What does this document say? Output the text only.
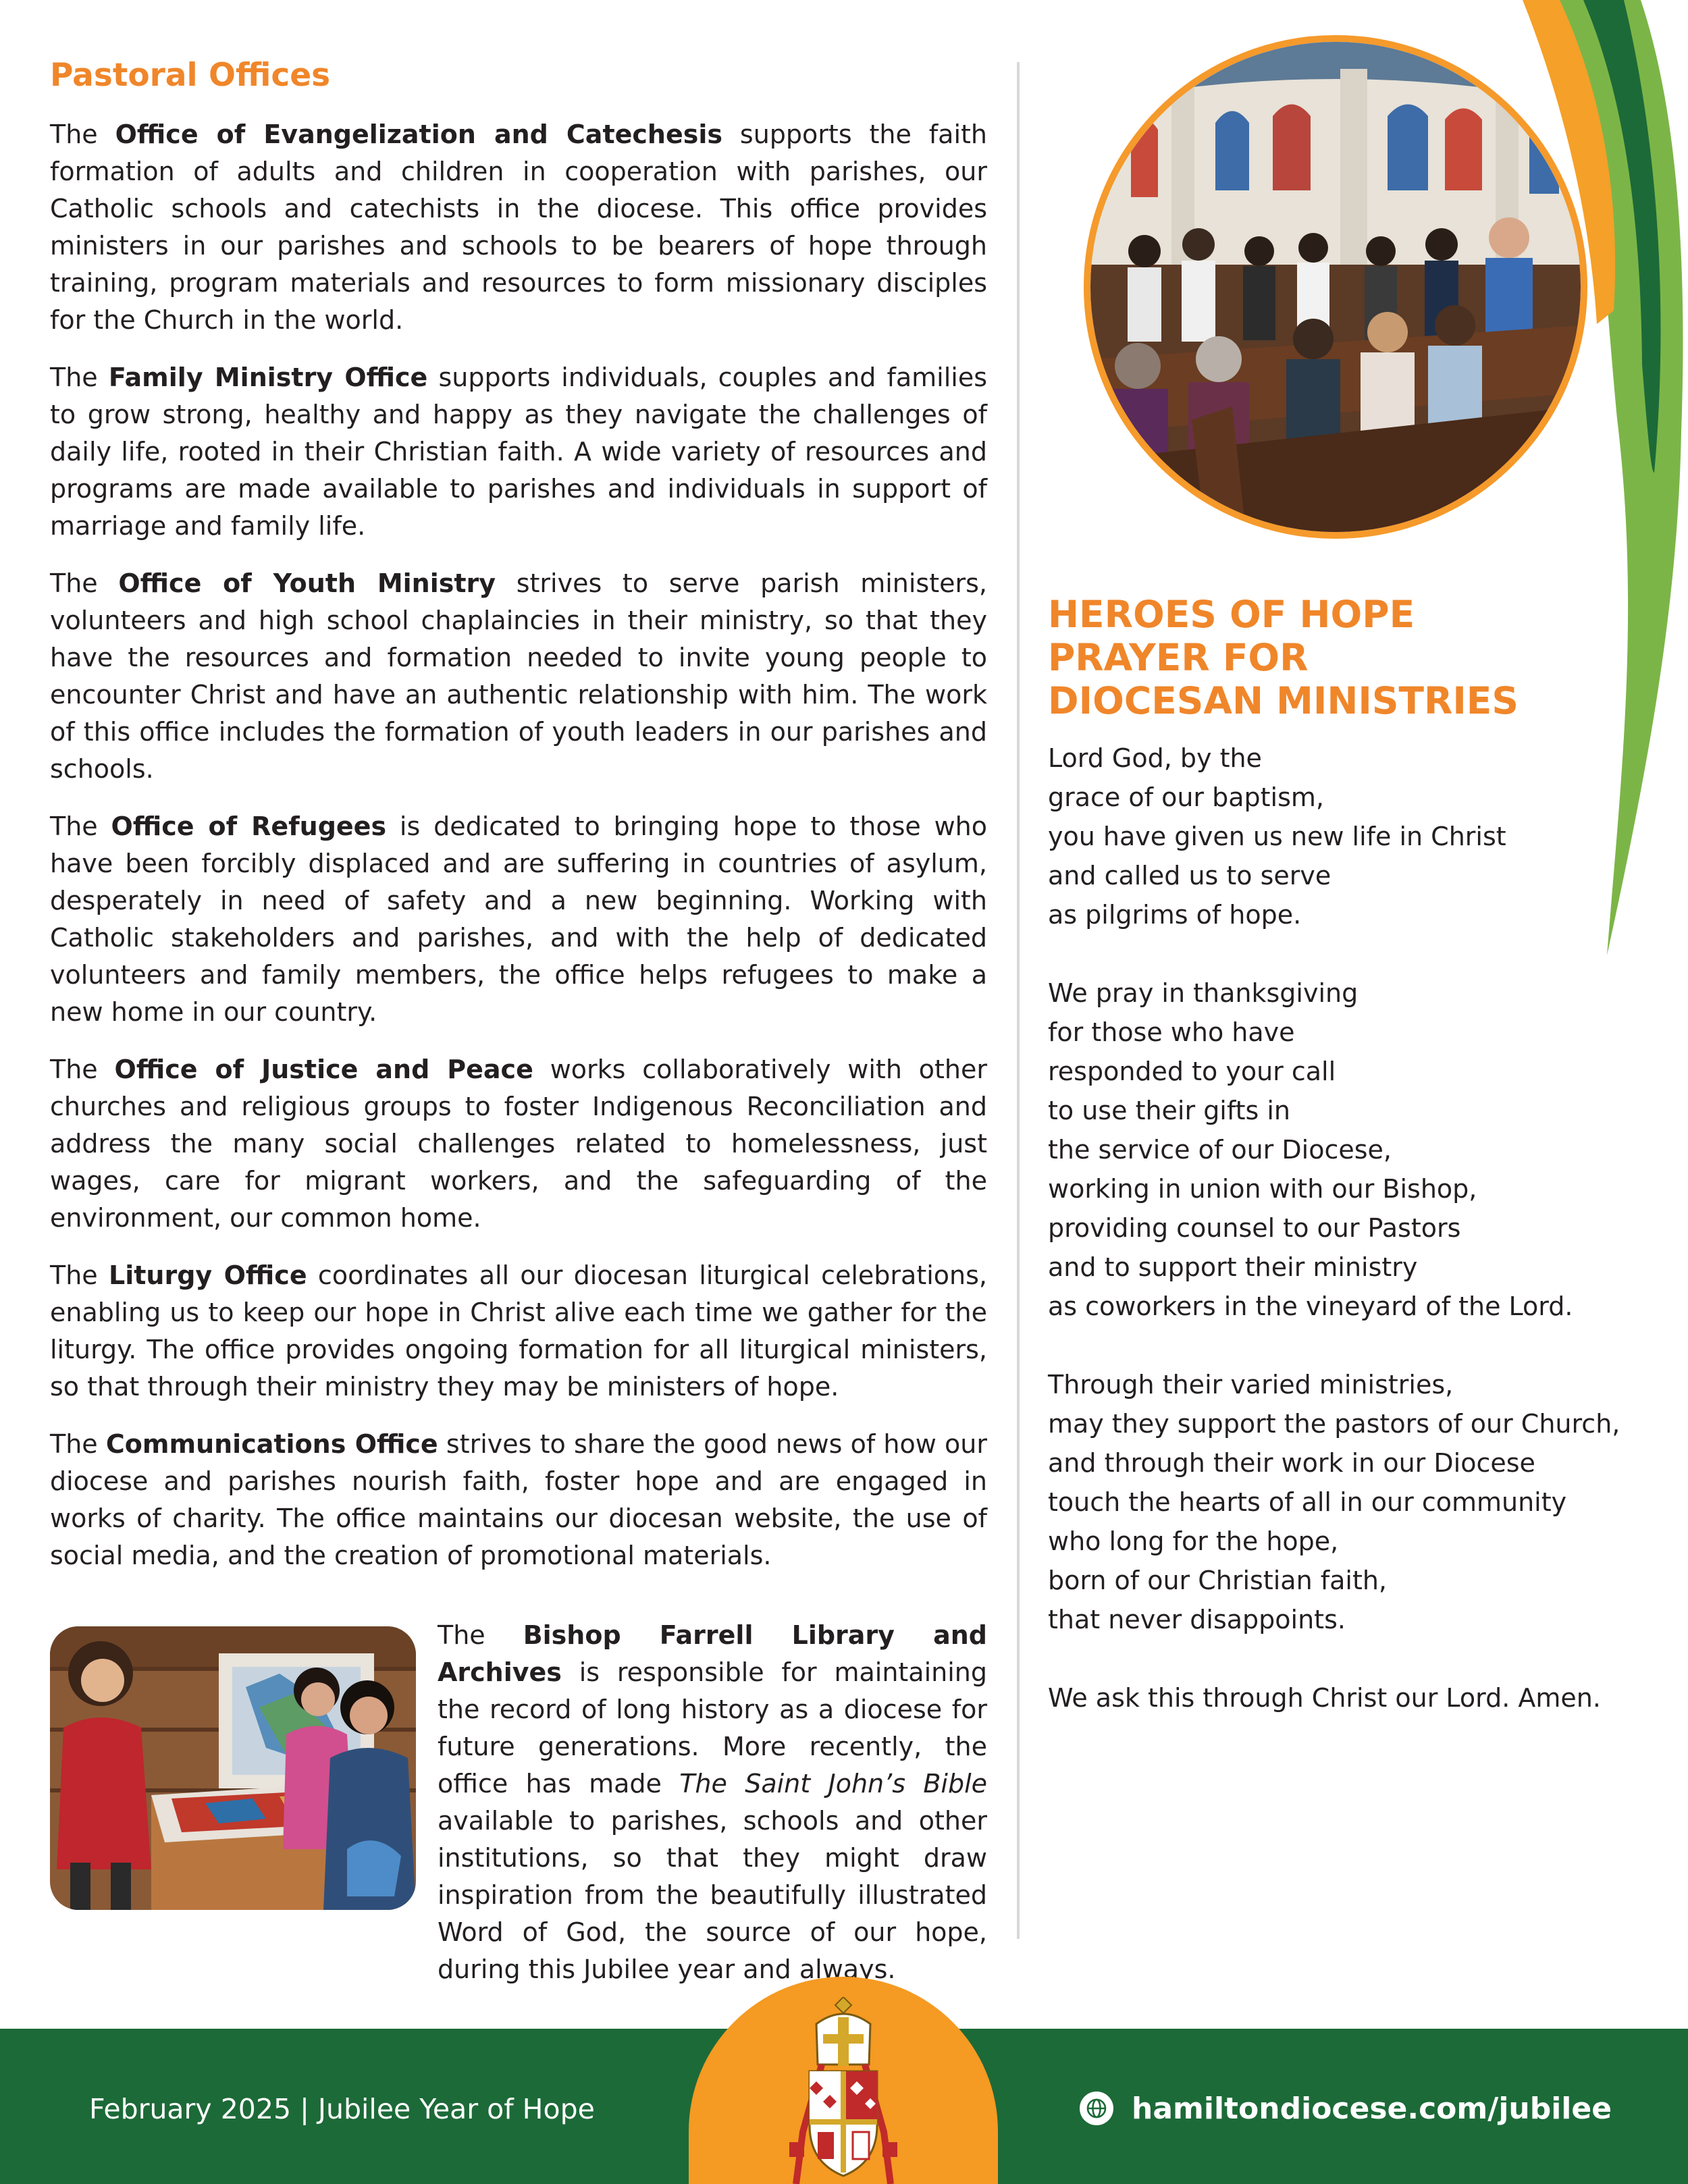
Pastoral Offices

The Office of Evangelization and Catechesis supports the faith formation of adults and children in cooperation with parishes, our Catholic schools and catechists in the diocese. This office provides ministers in our parishes and schools to be bearers of hope through training, program materials and resources to form missionary disciples for the Church in the world.

The Family Ministry Office supports individuals, couples and families to grow strong, healthy and happy as they navigate the challenges of daily life, rooted in their Christian faith. A wide variety of resources and programs are made available to parishes and individuals in support of marriage and family life.

The Office of Youth Ministry strives to serve parish ministers, volunteers and high school chaplaincies in their ministry, so that they have the resources and formation needed to invite young people to encounter Christ and have an authentic relationship with him. The work of this office includes the formation of youth leaders in our parishes and schools.

The Office of Refugees is dedicated to bringing hope to those who have been forcibly displaced and are suffering in countries of asylum, desperately in need of safety and a new beginning. Working with Catholic stakeholders and parishes, and with the help of dedicated volunteers and family members, the office helps refugees to make a new home in our country.

The Office of Justice and Peace works collaboratively with other churches and religious groups to foster Indigenous Reconciliation and address the many social challenges related to homelessness, just wages, care for migrant workers, and the safeguarding of the environment, our common home.

The Liturgy Office coordinates all our diocesan liturgical celebrations, enabling us to keep our hope in Christ alive each time we gather for the liturgy. The office provides ongoing formation for all liturgical ministers, so that through their ministry they may be ministers of hope.

The Communications Office strives to share the good news of how our diocese and parishes nourish faith, foster hope and are engaged in works of charity. The office maintains our diocesan website, the use of social media, and the creation of promotional materials.

The Bishop Farrell Library and Archives is responsible for maintaining the record of long history as a diocese for future generations. More recently, the office has made The Saint John’s Bible available to parishes, schools and other institutions, so that they might draw inspiration from the beautifully illustrated Word of God, the source of our hope, during this Jubilee year and always.

HEROES OF HOPE
PRAYER FOR
DIOCESAN MINISTRIES

Lord God, by the
grace of our baptism,
you have given us new life in Christ
and called us to serve
as pilgrims of hope.

We pray in thanksgiving
for those who have
responded to your call
to use their gifts in
the service of our Diocese,
working in union with our Bishop,
providing counsel to our Pastors
and to support their ministry
as coworkers in the vineyard of the Lord.

Through their varied ministries,
may they support the pastors of our Church,
and through their work in our Diocese
touch the hearts of all in our community
who long for the hope,
born of our Christian faith,
that never disappoints.

We ask this through Christ our Lord. Amen.

February 2025 | Jubilee Year of Hope	hamiltondiocese.com/jubilee
